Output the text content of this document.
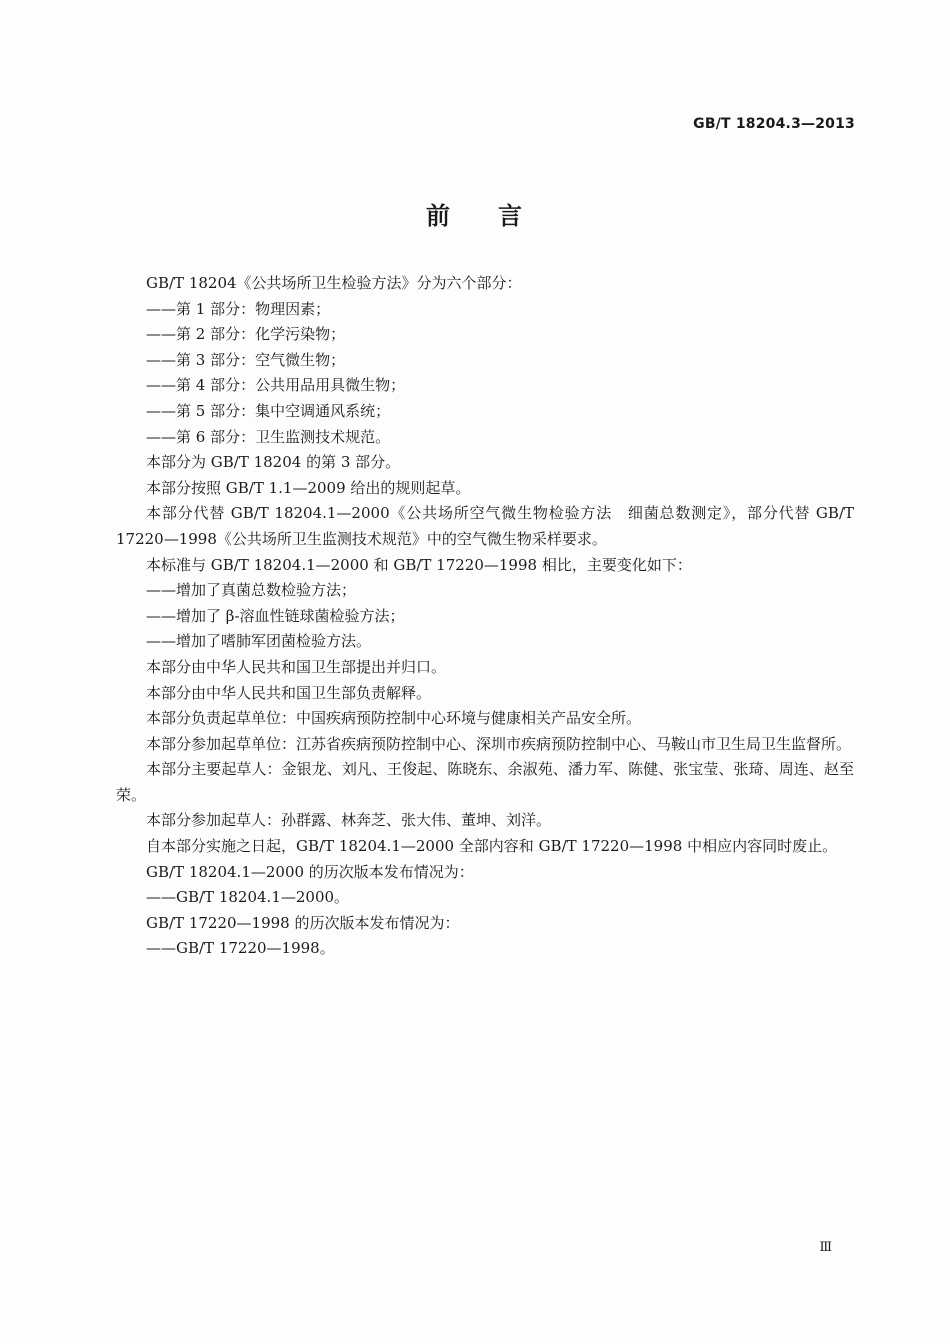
GB/T 18204.3—2013
前 言

GB/T 18204《公共场所卫生检验方法》分为六个部分：

——第 1 部分：物理因素；

——第 2 部分：化学污染物；

——第 3 部分：空气微生物；

——第 4 部分：公共用品用具微生物；

——第 5 部分：集中空调通风系统；

——第 6 部分：卫生监测技术规范。

本部分为 GB/T 18204 的第 3 部分。

本部分按照 GB/T 1.1—2009 给出的规则起草。

本部分代替 GB/T 18204.1—2000《公共场所空气微生物检验方法　细菌总数测定》，部分代替 GB/T 17220—1998《公共场所卫生监测技术规范》中的空气微生物采样要求。

本标准与 GB/T 18204.1—2000 和 GB/T 17220—1998 相比，主要变化如下：

——增加了真菌总数检验方法；

——增加了 β-溶血性链球菌检验方法；

——增加了嗜肺军团菌检验方法。

本部分由中华人民共和国卫生部提出并归口。

本部分由中华人民共和国卫生部负责解释。

本部分负责起草单位：中国疾病预防控制中心环境与健康相关产品安全所。

本部分参加起草单位：江苏省疾病预防控制中心、深圳市疾病预防控制中心、马鞍山市卫生局卫生监督所。

本部分主要起草人：金银龙、刘凡、王俊起、陈晓东、余淑苑、潘力军、陈健、张宝莹、张琦、周连、赵至荣。

本部分参加起草人：孙群露、林奔芝、张大伟、董坤、刘洋。

自本部分实施之日起，GB/T 18204.1—2000 全部内容和 GB/T 17220—1998 中相应内容同时废止。

GB/T 18204.1—2000 的历次版本发布情况为：

——GB/T 18204.1—2000。

GB/T 17220—1998 的历次版本发布情况为：

——GB/T 17220—1998。

Ⅲ
